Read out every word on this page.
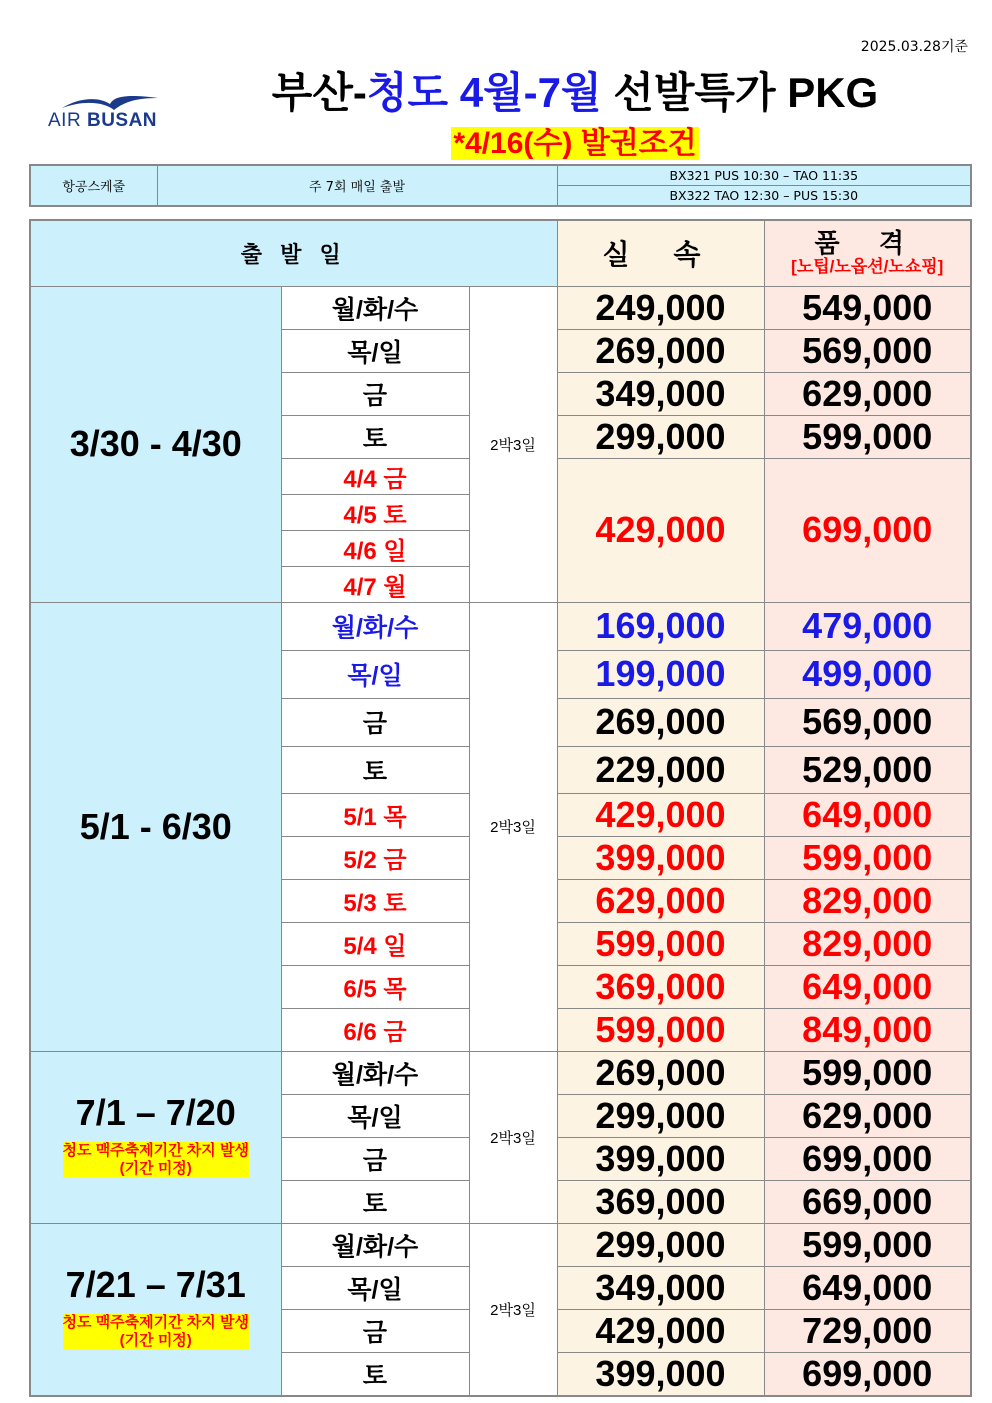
2025.03.28기준
AIR BUSAN
부산-청도 4월-7월 선발특가 PKG
*4/16(수) 발권조건
항공스케줄	주 7회 매일 출발	BX321 PUS 10:30 – TAO 11:35
BX322 TAO 12:30 – PUS 15:30
출 발 일			실 속	품 격
[노팁/노옵션/노쇼핑]

3/30 - 4/30	월/화/수	2박3일	249,000	549,000
	목/일		269,000	569,000
	금		349,000	629,000
	토		299,000	599,000
	4/4 금		429,000	699,000
	4/5 토			
	4/6 일			
	4/7 월			
5/1 - 6/30	월/화/수	2박3일	169,000	479,000
	목/일		199,000	499,000
	금		269,000	569,000
	토		229,000	529,000
	5/1 목		429,000	649,000
	5/2 금		399,000	599,000
	5/3 토		629,000	829,000
	5/4 일		599,000	829,000
	6/5 목		369,000	649,000
	6/6 금		599,000	849,000

7/1 – 7/20
청도 맥주축제기간 차지 발생
(기간 미정)	월/화/수	2박3일	269,000	599,000
	목/일		299,000	629,000
	금		399,000	699,000
	토		369,000	669,000

7/21 – 7/31
청도 맥주축제기간 차지 발생
(기간 미정)	월/화/수	2박3일	299,000	599,000
	목/일		349,000	649,000
	금		429,000	729,000
	토		399,000	699,000
